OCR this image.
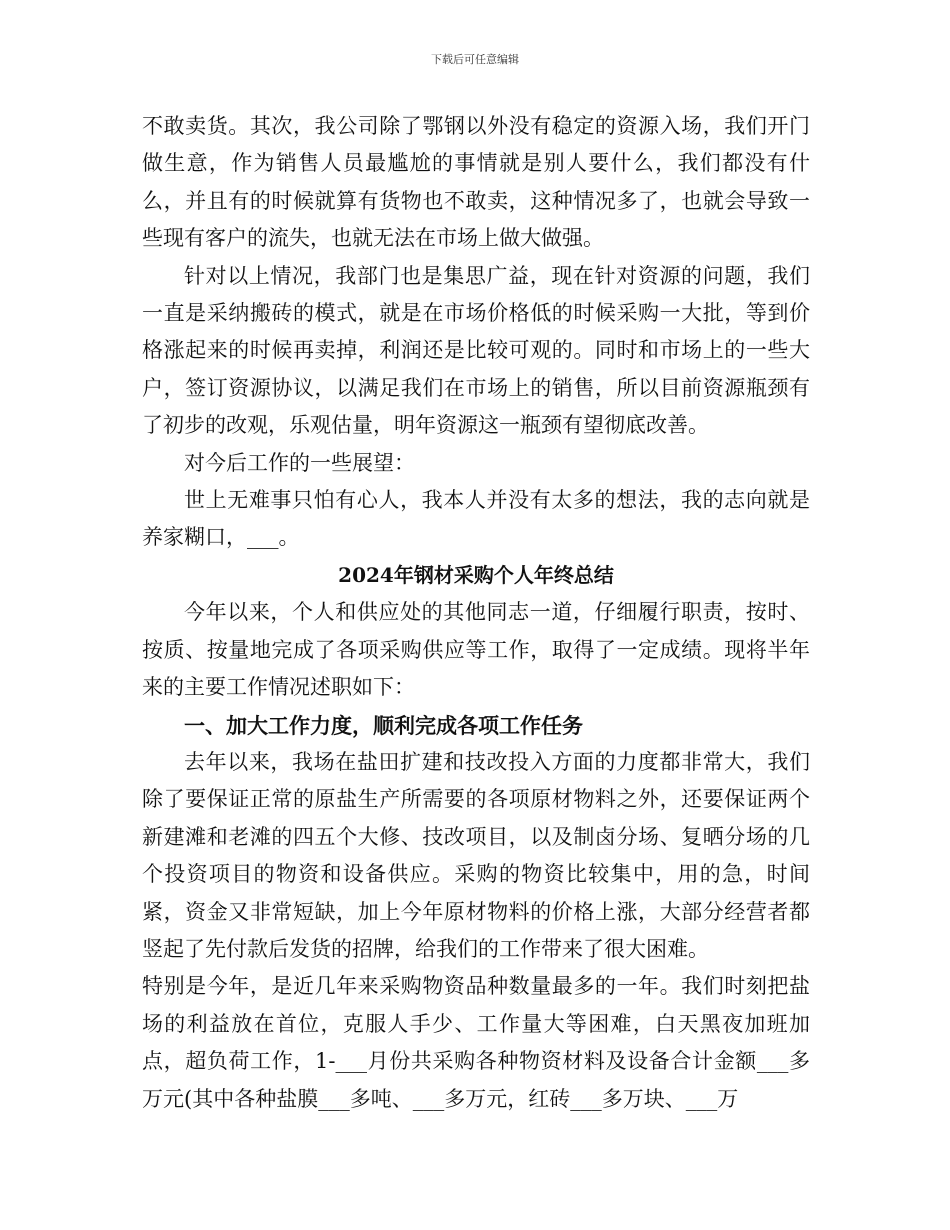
下载后可任意编辑

不敢卖货。其次，我公司除了鄂钢以外没有稳定的资源入场，我们开门做生意，作为销售人员最尴尬的事情就是别人要什么，我们都没有什么，并且有的时候就算有货物也不敢卖，这种情况多了，也就会导致一些现有客户的流失，也就无法在市场上做大做强。

针对以上情况，我部门也是集思广益，现在针对资源的问题，我们一直是采纳搬砖的模式，就是在市场价格低的时候采购一大批，等到价格涨起来的时候再卖掉，利润还是比较可观的。同时和市场上的一些大户，签订资源协议，以满足我们在市场上的销售，所以目前资源瓶颈有了初步的改观，乐观估量，明年资源这一瓶颈有望彻底改善。

对今后工作的一些展望：

世上无难事只怕有心人，我本人并没有太多的想法，我的志向就是养家糊口，___。

2024年钢材采购个人年终总结

今年以来，个人和供应处的其他同志一道，仔细履行职责，按时、按质、按量地完成了各项采购供应等工作，取得了一定成绩。现将半年来的主要工作情况述职如下：

一、加大工作力度，顺利完成各项工作任务

去年以来，我场在盐田扩建和技改投入方面的力度都非常大，我们除了要保证正常的原盐生产所需要的各项原材物料之外，还要保证两个新建滩和老滩的四五个大修、技改项目，以及制卤分场、复晒分场的几个投资项目的物资和设备供应。采购的物资比较集中，用的急，时间紧，资金又非常短缺，加上今年原材物料的价格上涨，大部分经营者都竖起了先付款后发货的招牌，给我们的工作带来了很大困难。

特别是今年，是近几年来采购物资品种数量最多的一年。我们时刻把盐场的利益放在首位，克服人手少、工作量大等困难，白天黑夜加班加点，超负荷工作，1-___月份共采购各种物资材料及设备合计金额___多万元(其中各种盐膜___多吨、___多万元，红砖___多万块、___万
